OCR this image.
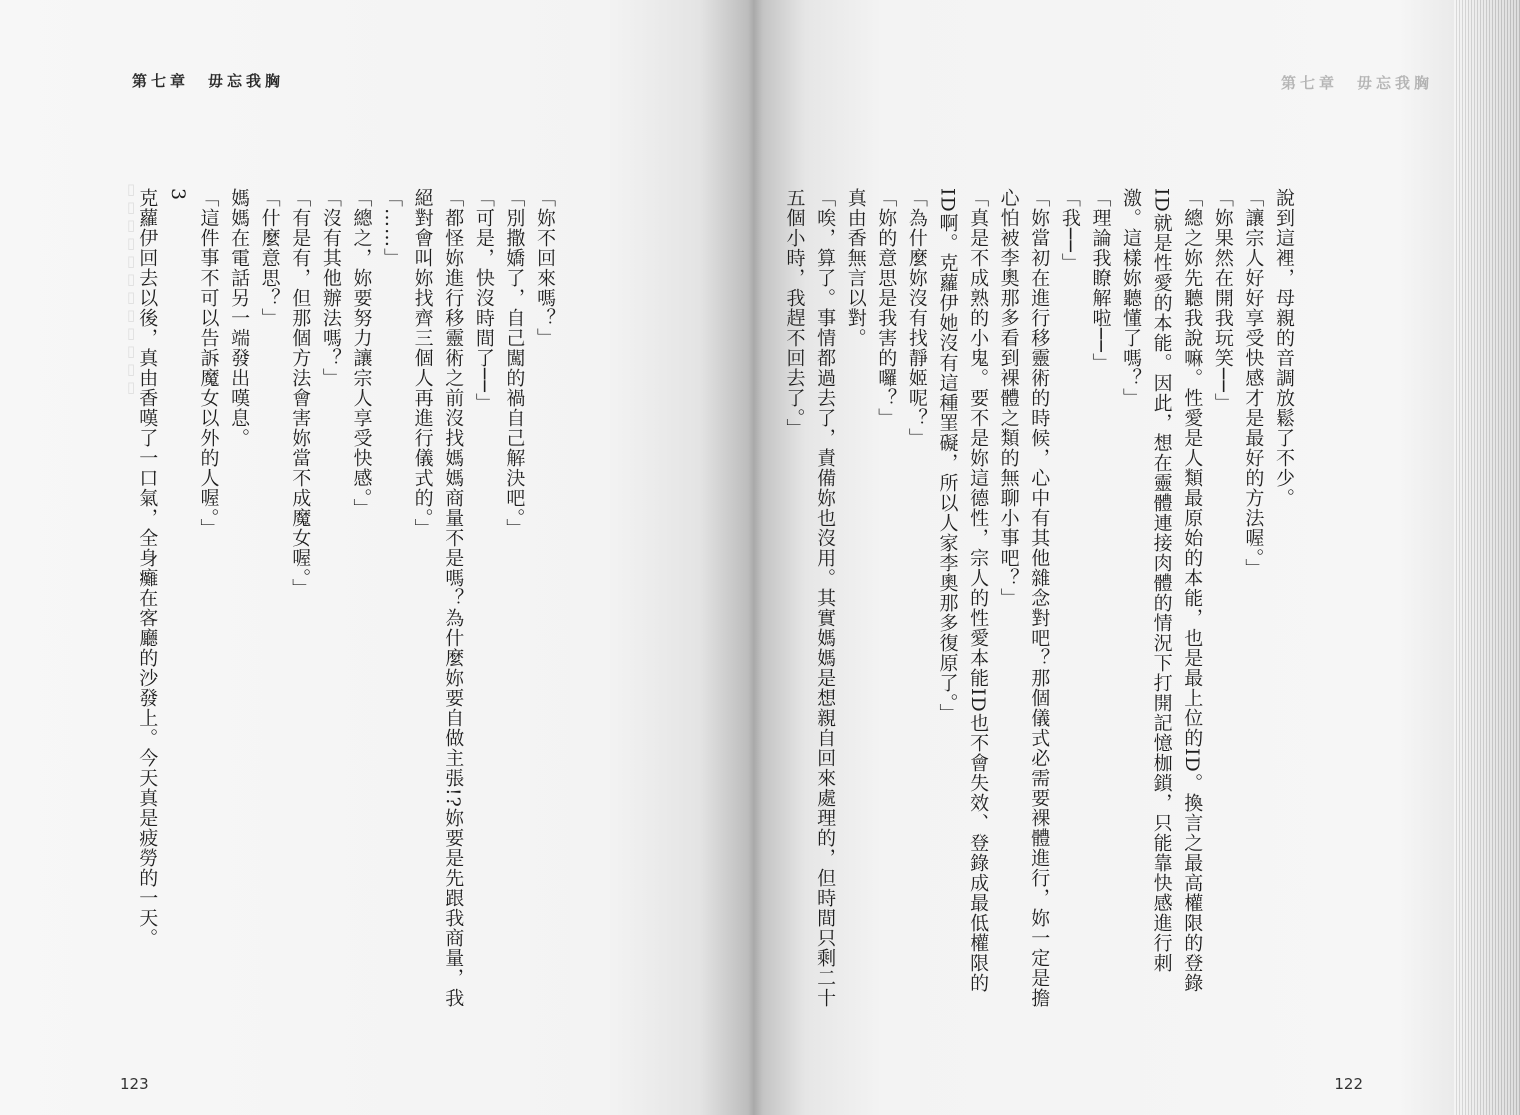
第七章　毋忘我胸
▯▯▯▯▯▯▯▯▯▯▯▯	「妳不回來嗎？」

「別撒嬌了，自己闖的禍自己解決吧。」

「可是，快沒時間了──」

「都怪妳進行移靈術之前沒找媽媽商量不是嗎？為什麼妳要自做主張!?妳要是先跟我商量，我絕對會叫妳找齊三個人再進行儀式的。」

「……」

「總之，妳要努力讓宗人享受快感。」

「沒有其他辦法嗎？」

「有是有，但那個方法會害妳當不成魔女喔。」

「什麼意思？」

媽媽在電話另一端發出嘆息。

「這件事不可以告訴魔女以外的人喔。」

3

克蘿伊回去以後，真由香嘆了一口氣，全身癱在客廳的沙發上。今天真是疲勞的一天。

123
第七章　毋忘我胸

說到這裡，母親的音調放鬆了不少。

「讓宗人好好享受快感才是最好的方法喔。」

「妳果然在開我玩笑──」

「總之妳先聽我說嘛。性愛是人類最原始的本能，也是最上位的ID。換言之最高權限的登錄ID就是性愛的本能。因此，想在靈體連接肉體的情況下打開記憶枷鎖，只能靠快感進行刺激。這樣妳聽懂了嗎？」

「理論我瞭解啦──」

「我──」

「妳當初在進行移靈術的時候，心中有其他雜念對吧？那個儀式必需要裸體進行，妳一定是擔心怕被李奧那多看到裸體之類的無聊小事吧？」

「真是不成熟的小鬼。要不是妳這德性，宗人的性愛本能ID也不會失效、登錄成最低權限的ID啊。克蘿伊她沒有這種罣礙，所以人家李奧那多復原了。」

「為什麼妳沒有找靜姬呢？」

「妳的意思是我害的囉？」

真由香無言以對。

「唉，算了。事情都過去了，責備妳也沒用。其實媽媽是想親自回來處理的，但時間只剩二十五個小時，我趕不回去了。」

122
